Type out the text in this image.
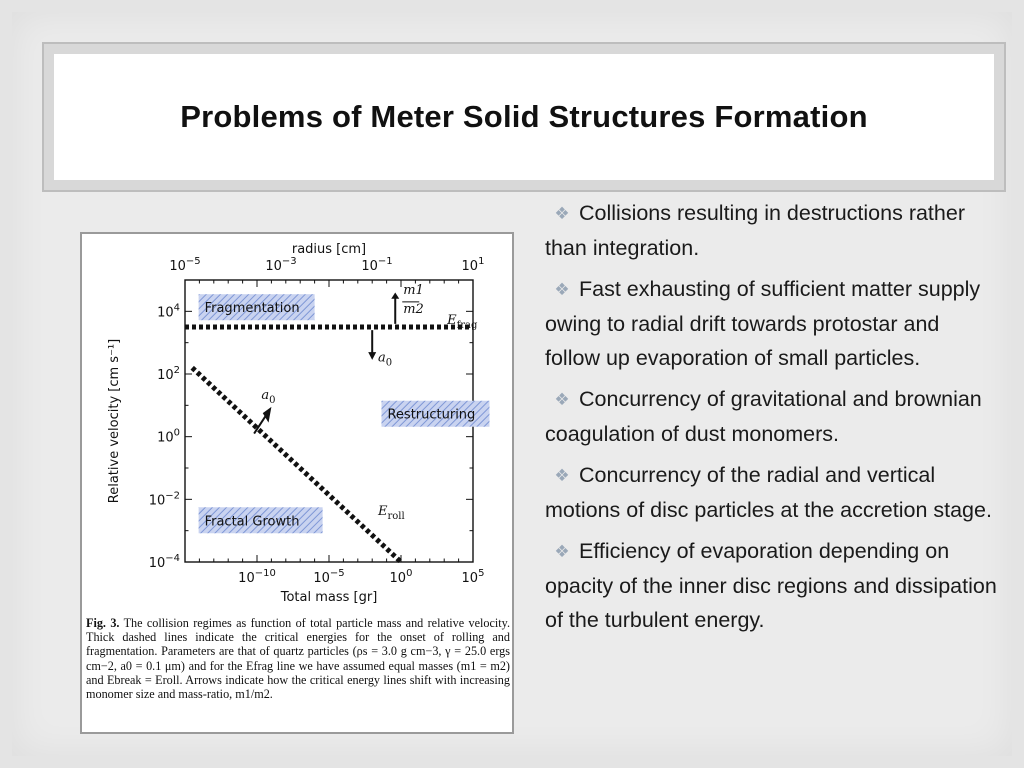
Problems of Meter Solid Structures Formation
$10^{-10}$	$10^{-5}$	$10^0$	$10^5$
$10^{-4}$
$10^{-2}$
$10^0$
$10^2$
$10^4$
$10^{-5}$	$10^{-3}$	$10^{-1}$	$10^1$
Total mass [gr]
radius [cm]
Relative velocity [cm s⁻¹]
Fragmentation
Restructuring
Fractal Growth
$E_{frag}$
$E_{roll}$
m1
m2
$a_0$
$a_0$
Fig. 3. The collision regimes as function of total particle mass and relative velocity. Thick dashed lines indicate the critical energies for the onset of rolling and fragmentation. Parameters are that of quartz particles (ρs = 3.0 g cm−3, γ = 25.0 ergs cm−2, a0 = 0.1 μm) and for the Efrag line we have assumed equal masses (m1 = m2) and Ebreak = Eroll. Arrows indicate how the critical energy lines shift with increasing monomer size and mass-ratio, m1/m2.
❖ Collisions resulting in destructions rather than integration.
❖ Fast exhausting of sufficient matter supply owing to radial drift towards protostar and follow up evaporation of small particles.
❖ Concurrency of gravitational and brownian coagulation of dust monomers.
❖ Concurrency of the radial and vertical motions of disc particles at the accretion stage.
❖ Efficiency of evaporation depending on opacity of the inner disc regions and dissipation of the turbulent energy.
